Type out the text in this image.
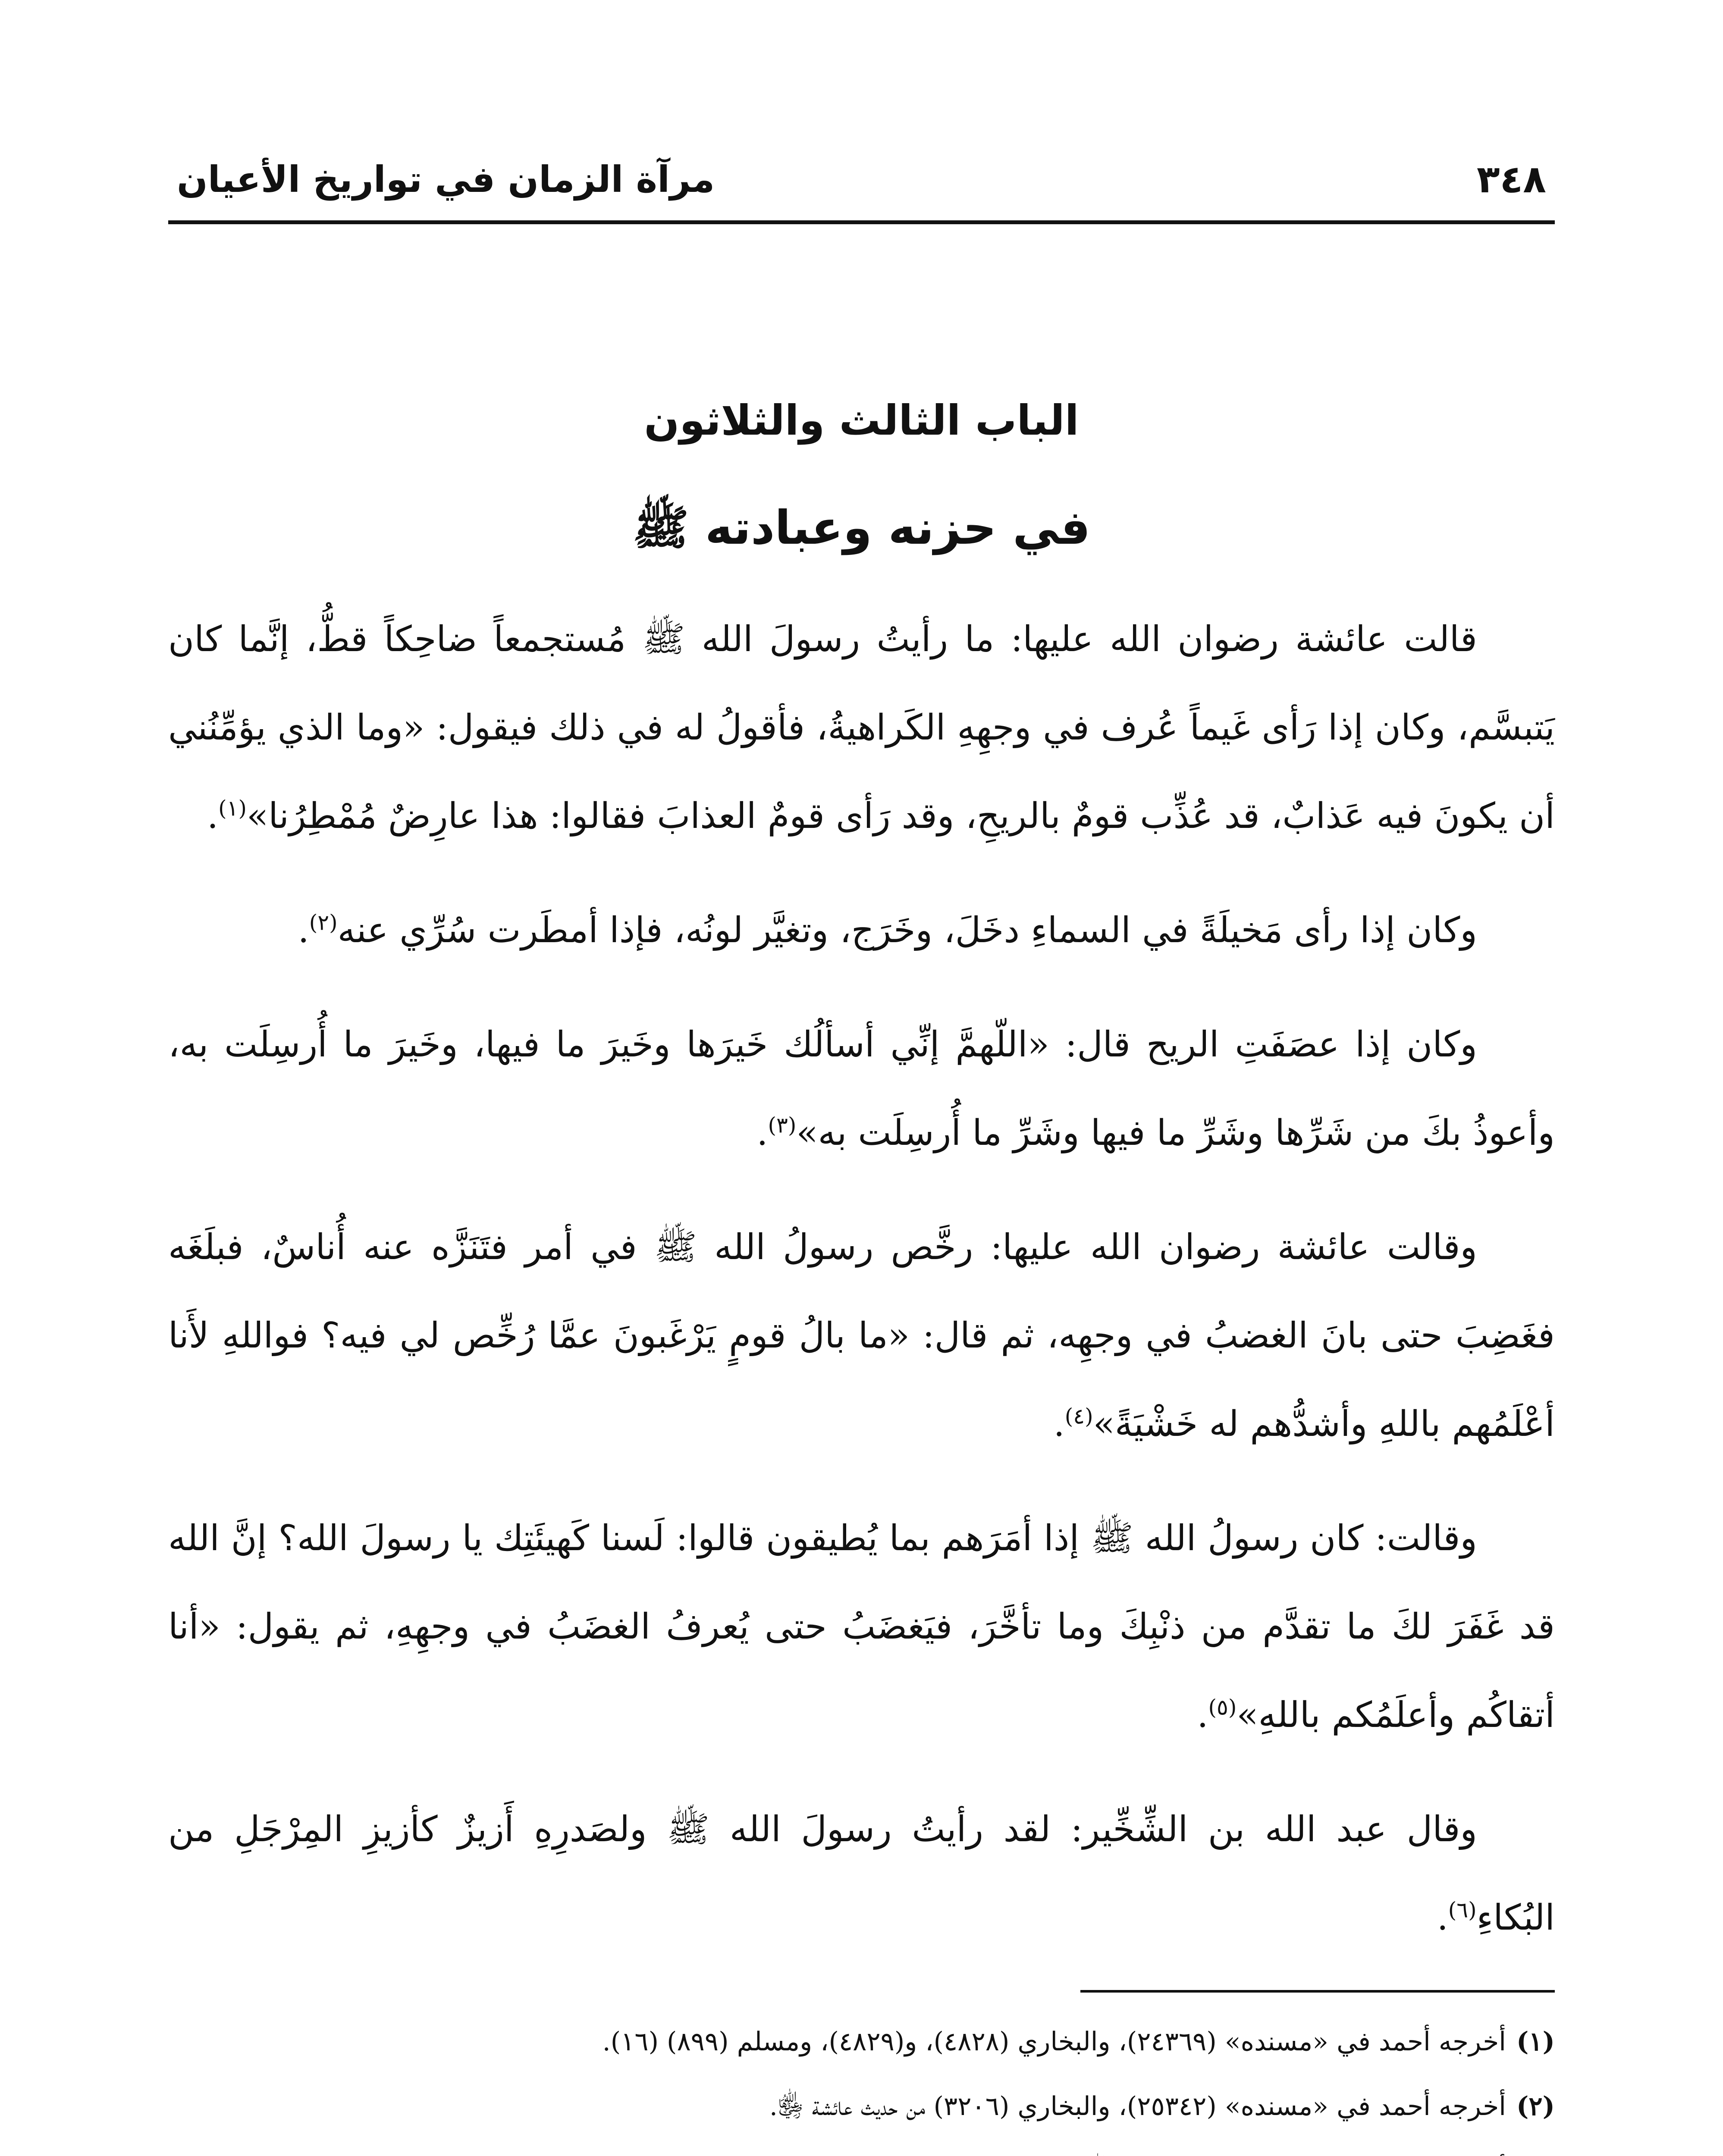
٣٤٨
مرآة الزمان في تواريخ الأعيان
الباب الثالث والثلاثون
في حزنه وعبادته ﷺ

قالت عائشة رضوان الله عليها: ما رأيتُ رسولَ الله ﷺ مُستجمعاً ضاحِكاً قطُّ، إنَّما كان يَتبسَّم، وكان إذا رَأى غَيماً عُرف في وجهِهِ الكَراهيةُ، فأقولُ له في ذلك فيقول: «وما الذي يؤمِّنُني أن يكونَ فيه عَذابٌ، قد عُذِّب قومٌ بالريحِ، وقد رَأى قومٌ العذابَ فقالوا: هذا عارِضٌ مُمْطِرُنا»$^{(١)}$.

وكان إذا رأى مَخيلَةً في السماءِ دخَلَ، وخَرَج، وتغيَّر لونُه، فإذا أمطَرت سُرِّي عنه$^{(٢)}$.

وكان إذا عصَفَتِ الريح قال: «اللّهمَّ إنِّي أسألُك خَيرَها وخَيرَ ما فيها، وخَيرَ ما أُرسِلَت به، وأعوذُ بكَ من شَرِّها وشَرِّ ما فيها وشَرِّ ما أُرسِلَت به»$^{(٣)}$.

وقالت عائشة رضوان الله عليها: رخَّص رسولُ الله ﷺ في أمر فتَنَزَّه عنه أُناسٌ، فبلَغَه فغَضِبَ حتى بانَ الغضبُ في وجهِه، ثم قال: «ما بالُ قومٍ يَرْغَبونَ عمَّا رُخِّص لي فيه؟ فواللهِ لأَنا أعْلَمُهم باللهِ وأشدُّهم له خَشْيَةً»$^{(٤)}$.

وقالت: كان رسولُ الله ﷺ إذا أمَرَهم بما يُطيقون قالوا: لَسنا كَهيئَتِك يا رسولَ الله؟ إنَّ الله قد غَفَرَ لكَ ما تقدَّم من ذنْبِكَ وما تأخَّرَ، فيَغضَبُ حتى يُعرفُ الغضَبُ في وجهِهِ، ثم يقول: «أنا أتقاكُم وأعلَمُكم باللهِ»$^{(٥)}$.

وقال عبد الله بن الشِّخِّير: لقد رأيتُ رسولَ الله ﷺ ولصَدرِهِ أَزيزٌ كأزيزِ المِرْجَلِ من البُكاءِ$^{(٦)}$.

(١)
أخرجه أحمد في «مسنده» (٢٤٣٦٩)، والبخاري (٤٨٢٨)، و(٤٨٢٩)، ومسلم (٨٩٩) (١٦).
(٢)
أخرجه أحمد في «مسنده» (٢٥٣٤٢)، والبخاري (٣٢٠٦) من حديث عائشة ﵂.
